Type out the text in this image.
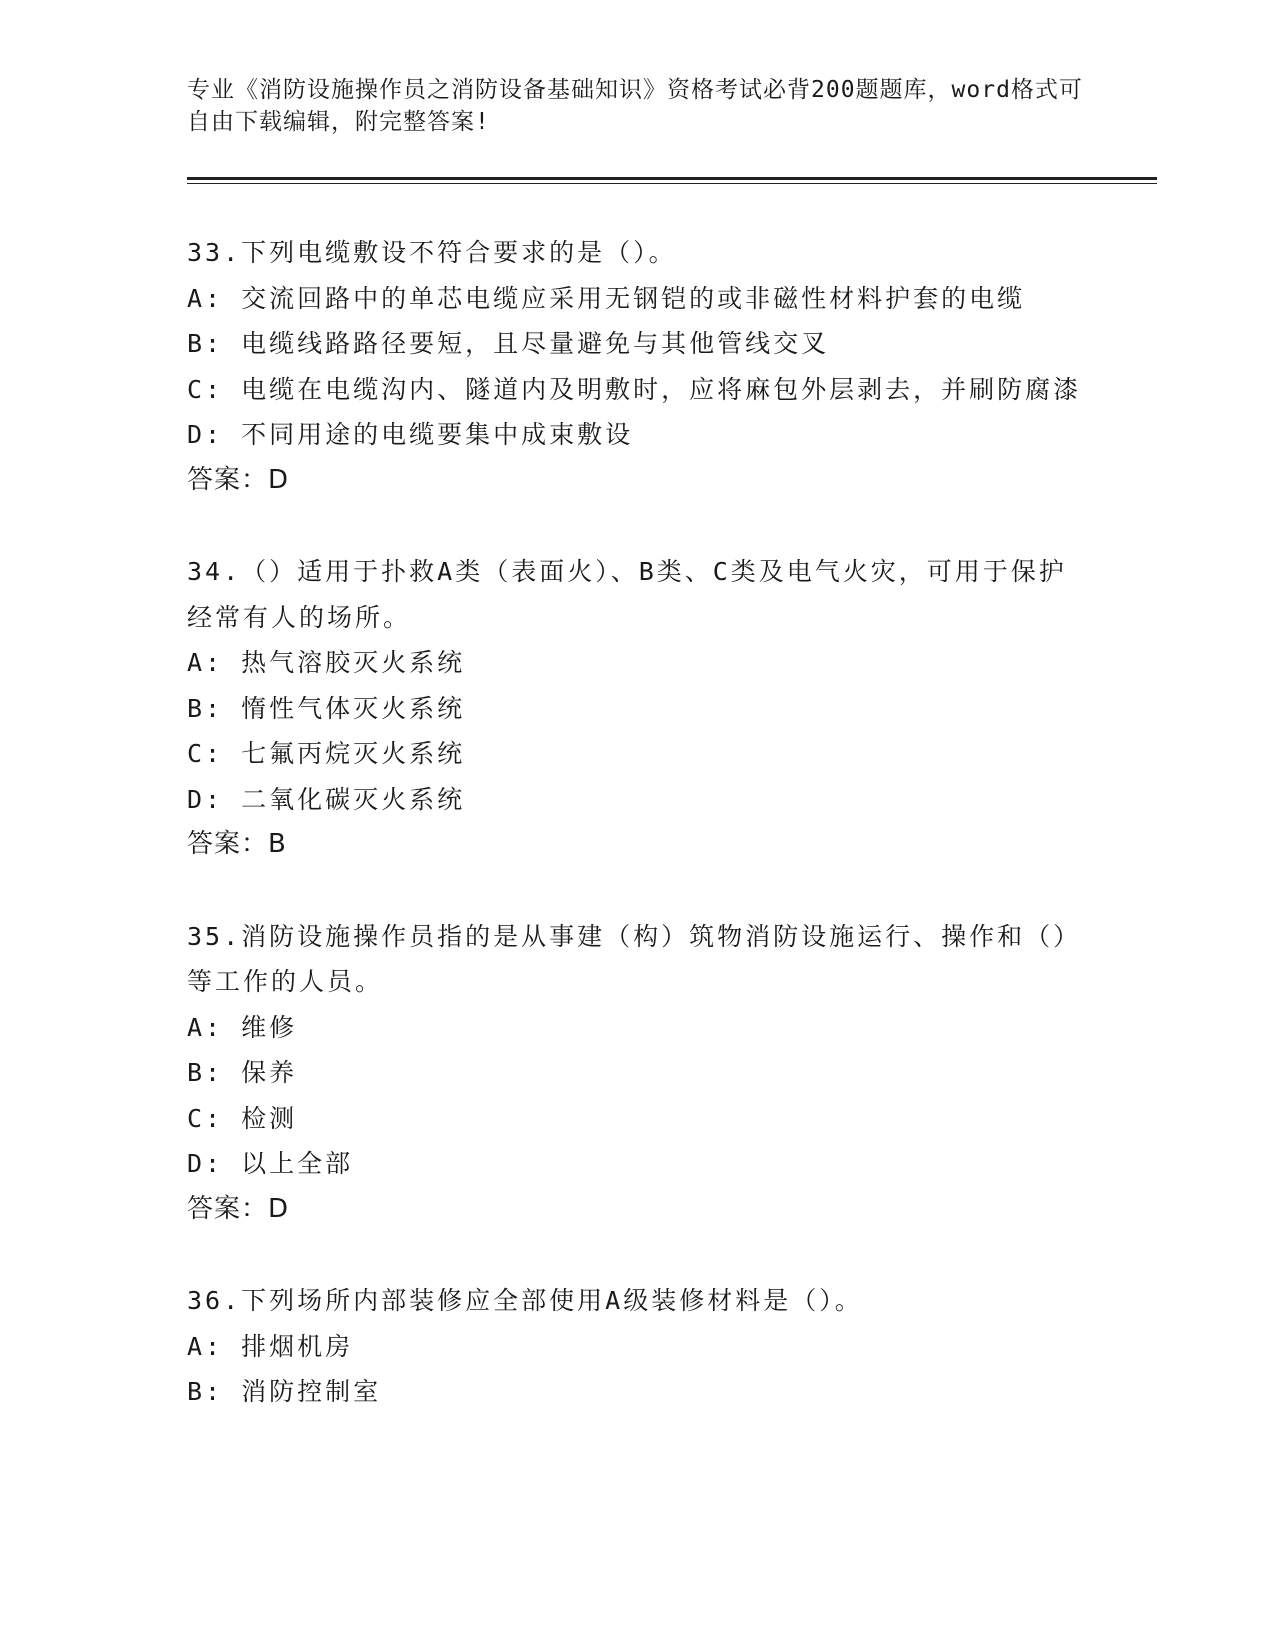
专业《消防设施操作员之消防设备基础知识》资格考试必背200题题库，word格式可自由下载编辑，附完整答案!

33.下列电缆敷设不符合要求的是（）。

A: 交流回路中的单芯电缆应采用无钢铠的或非磁性材料护套的电缆

B: 电缆线路路径要短，且尽量避免与其他管线交叉

C: 电缆在电缆沟内、隧道内及明敷时，应将麻包外层剥去，并刷防腐漆

D: 不同用途的电缆要集中成束敷设

答案：D

34.（）适用于扑救A类（表面火）、B类、C类及电气火灾，可用于保护经常有人的场所。

A: 热气溶胶灭火系统

B: 惰性气体灭火系统

C: 七氟丙烷灭火系统

D: 二氧化碳灭火系统

答案：B

35.消防设施操作员指的是从事建（构）筑物消防设施运行、操作和（）等工作的人员。

A: 维修

B: 保养

C: 检测

D: 以上全部

答案：D

36.下列场所内部装修应全部使用A级装修材料是（）。

A: 排烟机房

B: 消防控制室
